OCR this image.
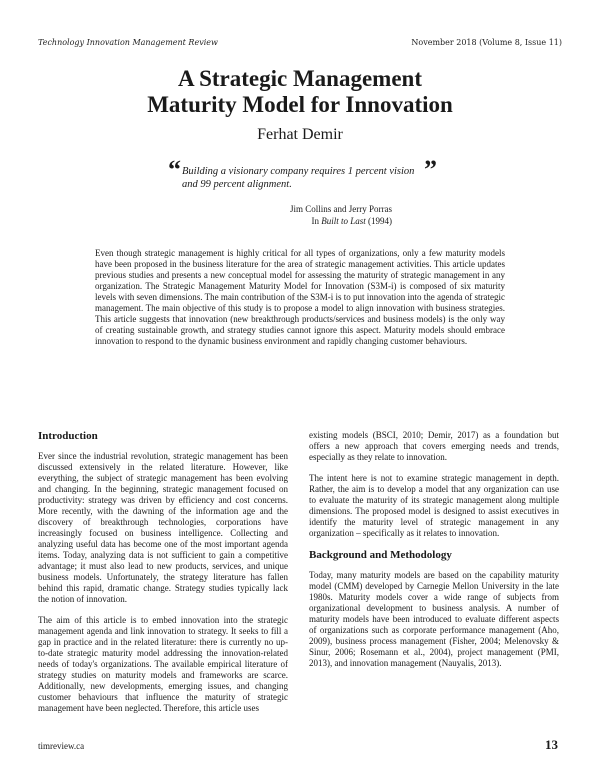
Technology Innovation Management Review	November 2018 (Volume 8, Issue 11)
A Strategic Management
Maturity Model for Innovation
Ferhat Demir
“ Building a visionary company requires 1 percent vision and 99 percent alignment.
”
Jim Collins and Jerry Porras
In Built to Last (1994)
Even though strategic management is highly critical for all types of organizations, only a few maturity models have been proposed in the business literature for the area of strategic management activities. This article updates previous studies and presents a new conceptual model for assessing the maturity of strategic management in any organization. The Strategic Management Maturity Model for Innovation (S3M-i) is composed of six maturity levels with seven dimensions. The main contribution of the S3M-i is to put innovation into the agenda of strategic management. The main objective of this study is to propose a model to align innovation with business strategies. This article suggests that innovation (new breakthrough products/services and business models) is the only way of creating sustainable growth, and strategy studies cannot ignore this aspect. Maturity models should embrace innovation to respond to the dynamic business environment and rapidly changing customer behaviours.
Introduction

Ever since the industrial revolution, strategic management has been discussed extensively in the related literature. However, like everything, the subject of strategic management has been evolving and changing. In the beginning, strategic management focused on productivity: strategy was driven by efficiency and cost concerns. More recently, with the dawning of the information age and the discovery of breakthrough technologies, corporations have increasingly focused on business intelligence. Collecting and analyzing useful data has become one of the most important agenda items. Today, analyzing data is not sufficient to gain a competitive advantage; it must also lead to new products, services, and unique business models. Unfortunately, the strategy literature has fallen behind this rapid, dramatic change. Strategy studies typically lack the notion of innovation.

The aim of this article is to embed innovation into the strategic management agenda and link innovation to strategy. It seeks to fill a gap in practice and in the related literature: there is currently no up-to-date strategic maturity model addressing the innovation-related needs of today's organizations. The available empirical literature of strategy studies on maturity models and frameworks are scarce. Additionally, new developments, emerging issues, and changing customer behaviours that influence the maturity of strategic management have been neglected. Therefore, this article uses

existing models (BSCI, 2010; Demir, 2017) as a foundation but offers a new approach that covers emerging needs and trends, especially as they relate to innovation.

The intent here is not to examine strategic management in depth. Rather, the aim is to develop a model that any organization can use to evaluate the maturity of its strategic management along multiple dimensions. The proposed model is designed to assist executives in identify the maturity level of strategic management in any organization – specifically as it relates to innovation.

Background and Methodology

Today, many maturity models are based on the capability maturity model (CMM) developed by Carnegie Mellon University in the late 1980s. Maturity models cover a wide range of subjects from organizational development to business analysis. A number of maturity models have been introduced to evaluate different aspects of organizations such as corporate performance management (Aho, 2009), business process management (Fisher, 2004; Melenovsky & Sinur, 2006; Rosemann et al., 2004), project management (PMI, 2013), and innovation management (Nauyalis, 2013).

timreview.ca	13
